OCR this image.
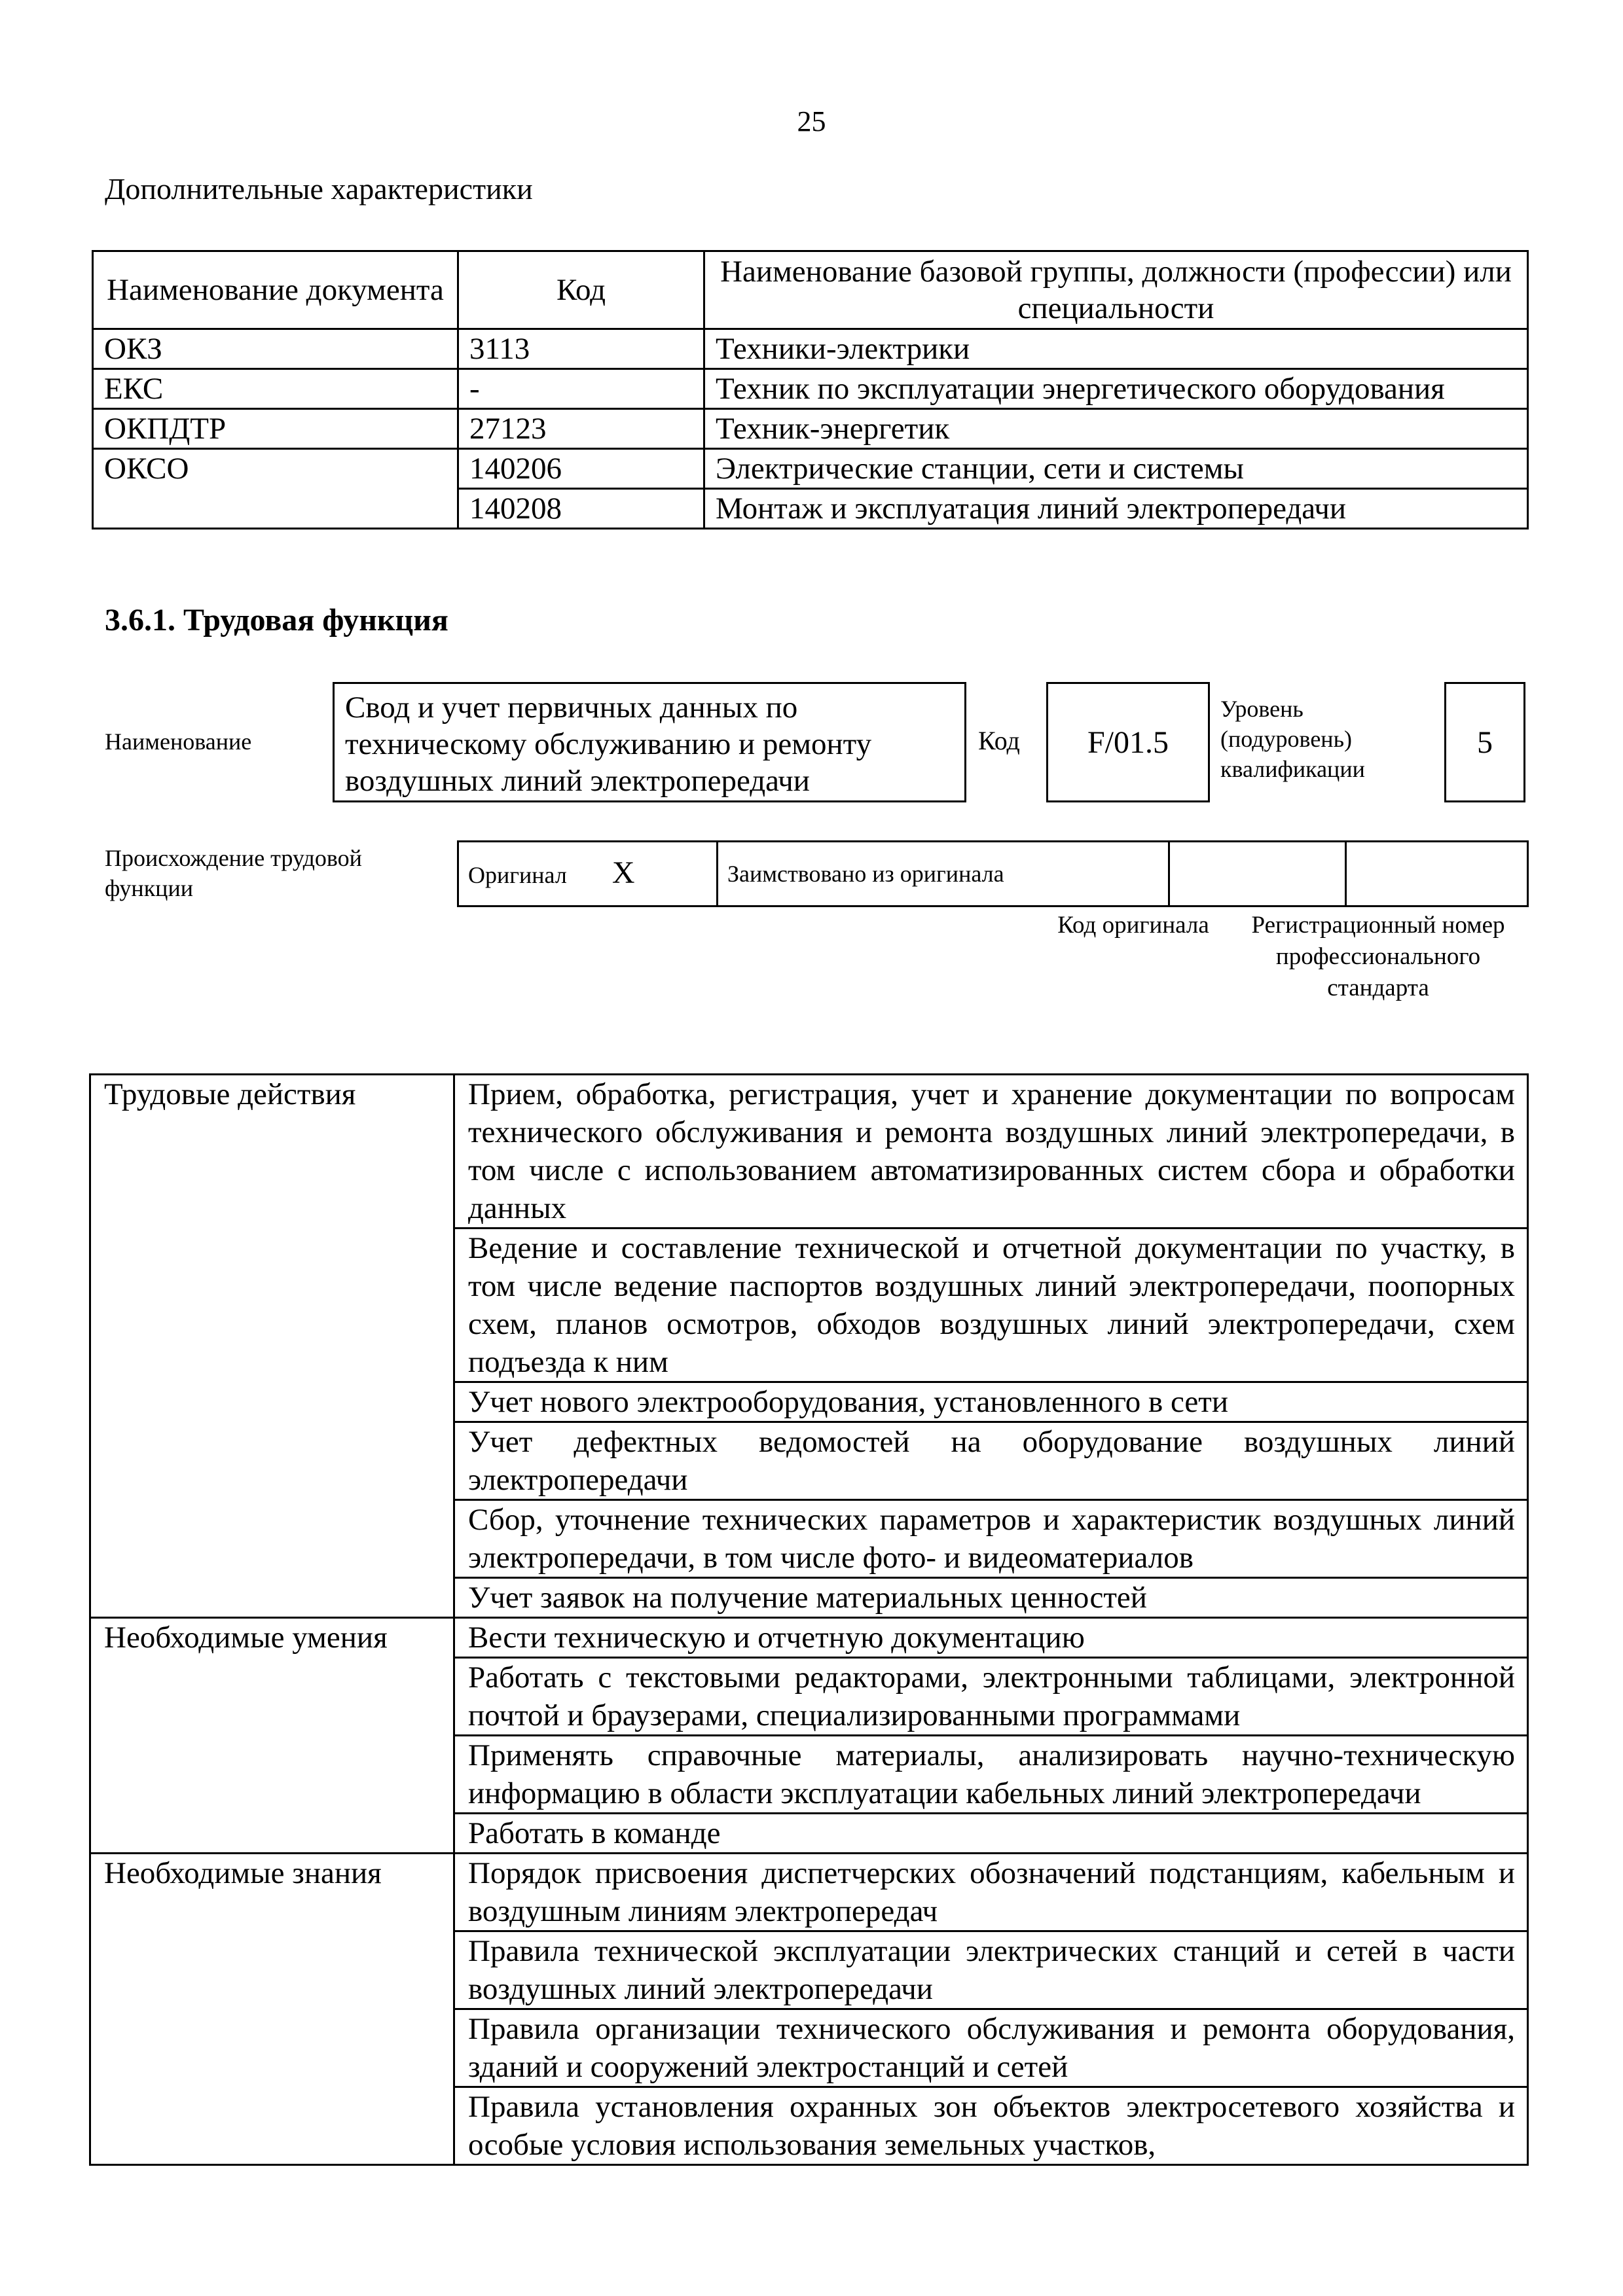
25
Дополнительные характеристики
Наименование документа	Код	Наименование базовой группы, должности (профессии) или специальности
ОКЗ	3113	Техники-электрики
ЕКС	-	Техник по эксплуатации энергетического оборудования
ОКПДТР	27123	Техник-энергетик
ОКСО	140206	Электрические станции, сети и системы
	140208	Монтаж и эксплуатация линий электропередачи
3.6.1. Трудовая функция
Наименование
Свод и учет первичных данных по техническому обслуживанию и ремонту воздушных линий электропередачи
Код	F/01.5
Уровень (подуровень) квалификации
5
Происхождение трудовой функции
Оригинал X	Заимствовано из оригинала		
Код оригинала	Регистрационный номер профессионального стандарта
Трудовые действия	Прием, обработка, регистрация, учет и хранение документации по вопросам технического обслуживания и ремонта воздушных линий электропередачи, в том числе с использованием автоматизированных систем сбора и обработки данных
	Ведение и составление технической и отчетной документации по участку, в том числе ведение паспортов воздушных линий электропередачи, поопорных схем, планов осмотров, обходов воздушных линий электропередачи, схем подъезда к ним
	Учет нового электрооборудования, установленного в сети
	Учет дефектных ведомостей на оборудование воздушных линий электропередачи
	Сбор, уточнение технических параметров и характеристик воздушных линий электропередачи, в том числе фото- и видеоматериалов
	Учет заявок на получение материальных ценностей
Необходимые умения	Вести техническую и отчетную документацию
	Работать с текстовыми редакторами, электронными таблицами, электронной почтой и браузерами, специализированными программами
	Применять справочные материалы, анализировать научно-техническую информацию в области эксплуатации кабельных линий электропередачи
	Работать в команде
Необходимые знания	Порядок присвоения диспетчерских обозначений подстанциям, кабельным и воздушным линиям электропередач
	Правила технической эксплуатации электрических станций и сетей в части воздушных линий электропередачи
	Правила организации технического обслуживания и ремонта оборудования, зданий и сооружений электростанций и сетей
	Правила установления охранных зон объектов электросетевого хозяйства и особые условия использования земельных участков,
